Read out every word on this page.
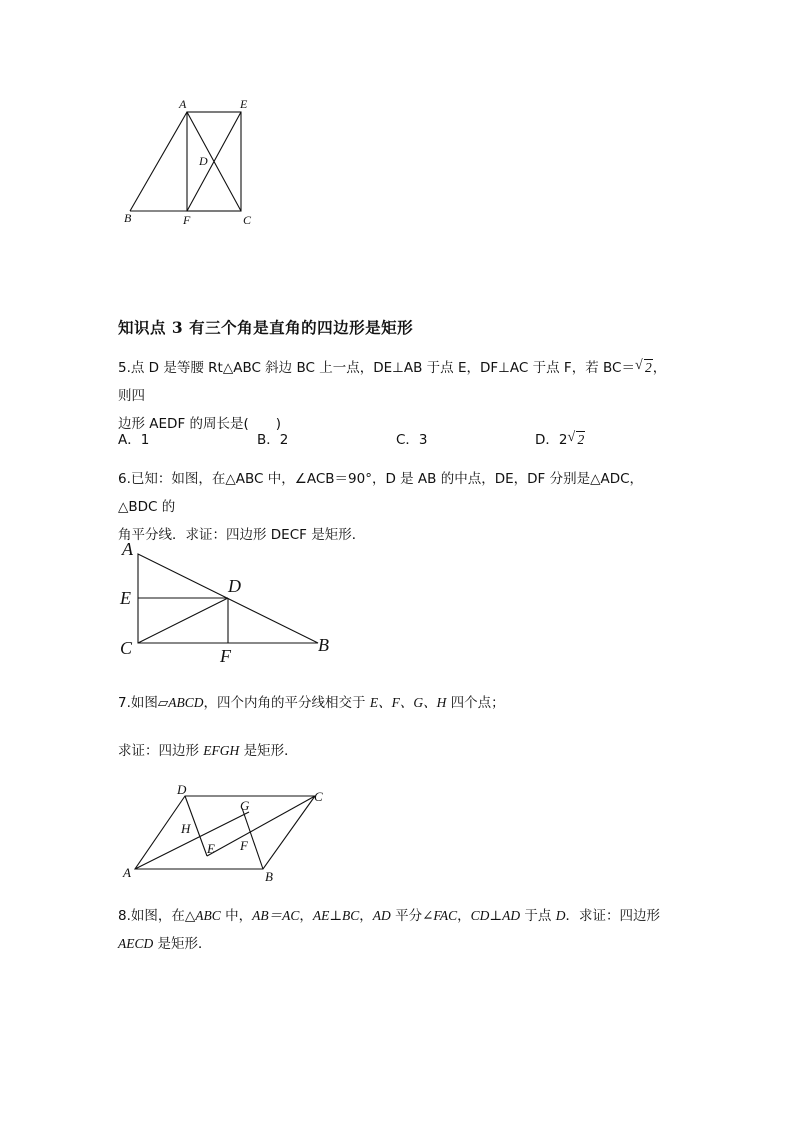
A	E
D
B	F	C
知识点 3 有三个角是直角的四边形是矩形
5.点 D 是等腰 Rt△ABC 斜边 BC 上一点，DE⊥AB 于点 E，DF⊥AC 于点 F，若 BC＝ √ 2，则四
边形 AEDF 的周长是(　　)
A．1	B．2	C．3	D．2 √ 2
6.已知：如图，在△ABC 中，∠ACB＝90°，D 是 AB 的中点，DE，DF 分别是△ADC，△BDC 的
角平分线．求证：四边形 DECF 是矩形．
A
E
C
D
F
B
7.如图▱ABCD，四个内角的平分线相交于 E、F、G、H 四个点；
求证：四边形 EFGH 是矩形．
D	C
G
H
E F
A	B
8.如图，在△ABC 中，AB＝AC，AE⊥BC，AD 平分∠FAC，CD⊥AD 于点 D．求证：四边形
AECD 是矩形．
